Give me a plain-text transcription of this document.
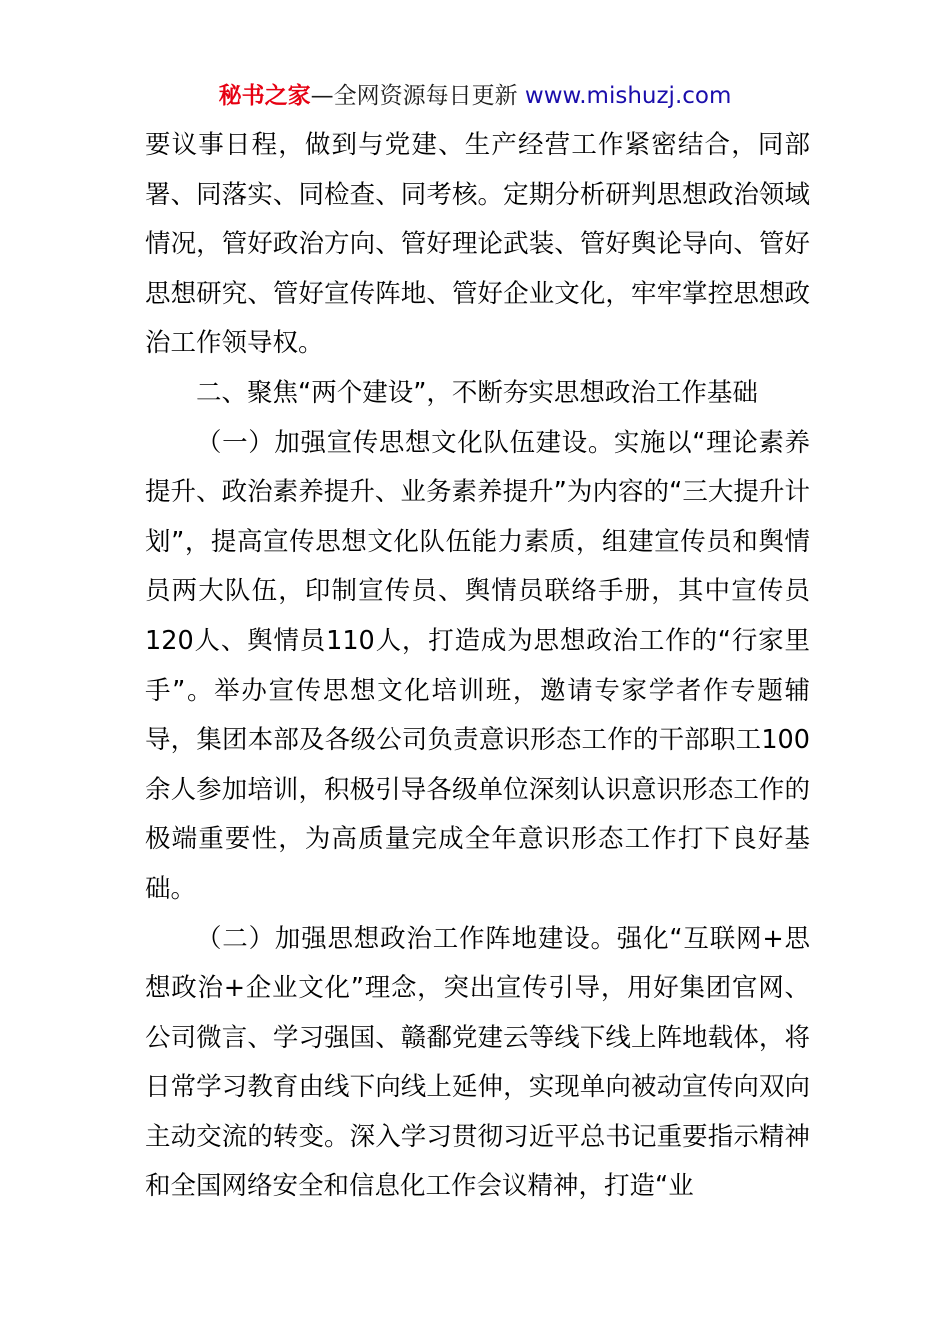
秘书之家—全网资源每日更新 www.mishuzj.com

要议事日程，做到与党建、生产经营工作紧密结合，同部署、同落实、同检查、同考核。定期分析研判思想政治领域情况，管好政治方向、管好理论武装、管好舆论导向、管好思想研究、管好宣传阵地、管好企业文化，牢牢掌控思想政治工作领导权。

二、聚焦“两个建设”，不断夯实思想政治工作基础

（一）加强宣传思想文化队伍建设。实施以“理论素养提升、政治素养提升、业务素养提升”为内容的“三大提升计划”，提高宣传思想文化队伍能力素质，组建宣传员和舆情员两大队伍，印制宣传员、舆情员联络手册，其中宣传员120人、舆情员110人，打造成为思想政治工作的“行家里手”。举办宣传思想文化培训班，邀请专家学者作专题辅导，集团本部及各级公司负责意识形态工作的干部职工100余人参加培训，积极引导各级单位深刻认识意识形态工作的极端重要性，为高质量完成全年意识形态工作打下良好基础。

（二）加强思想政治工作阵地建设。强化“互联网+思想政治+企业文化”理念，突出宣传引导，用好集团官网、公司微言、学习强国、赣鄱党建云等线下线上阵地载体，将日常学习教育由线下向线上延伸，实现单向被动宣传向双向主动交流的转变。深入学习贯彻习近平总书记重要指示精神和全国网络安全和信息化工作会议精神，打造“业
